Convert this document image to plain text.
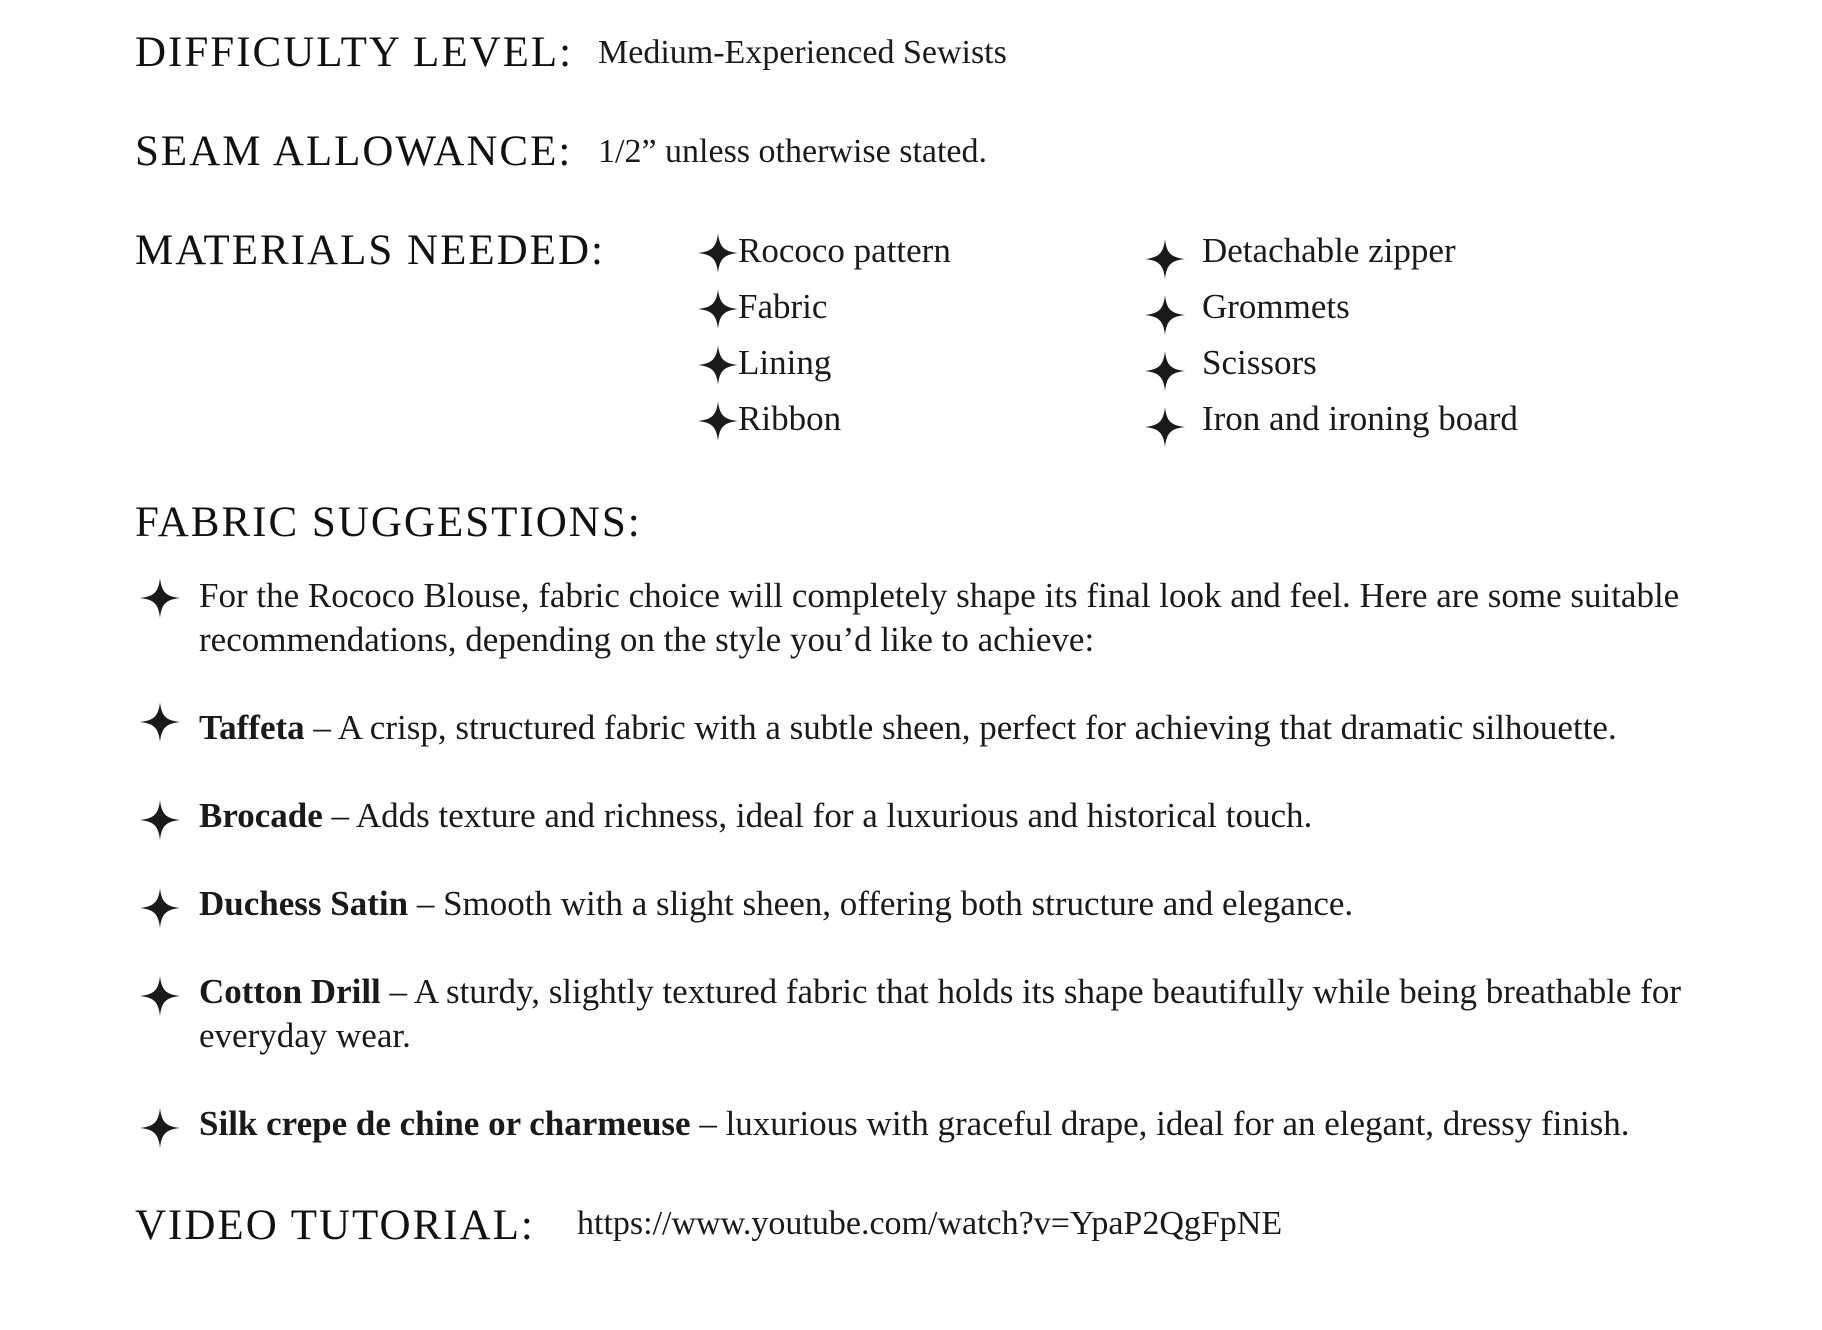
DIFFICULTY LEVEL: Medium-Experienced Sewists
SEAM ALLOWANCE: 1/2” unless otherwise stated.
MATERIALS NEEDED:	Rococo pattern
Fabric
Lining
Ribbon
Detachable zipper
Grommets
Scissors
Iron and ironing board
FABRIC SUGGESTIONS:
For the Rococo Blouse, fabric choice will completely shape its final look and feel. Here are some suitable recommendations, depending on the style you’d like to achieve:
Taffeta – A crisp, structured fabric with a subtle sheen, perfect for achieving that dramatic silhouette.
Brocade – Adds texture and richness, ideal for a luxurious and historical touch.
Duchess Satin – Smooth with a slight sheen, offering both structure and elegance.
Cotton Drill – A sturdy, slightly textured fabric that holds its shape beautifully while being breathable for everyday wear.
Silk crepe de chine or charmeuse – luxurious with graceful drape, ideal for an elegant, dressy finish.
VIDEO TUTORIAL: https://www.youtube.com/watch?v=YpaP2QgFpNE
